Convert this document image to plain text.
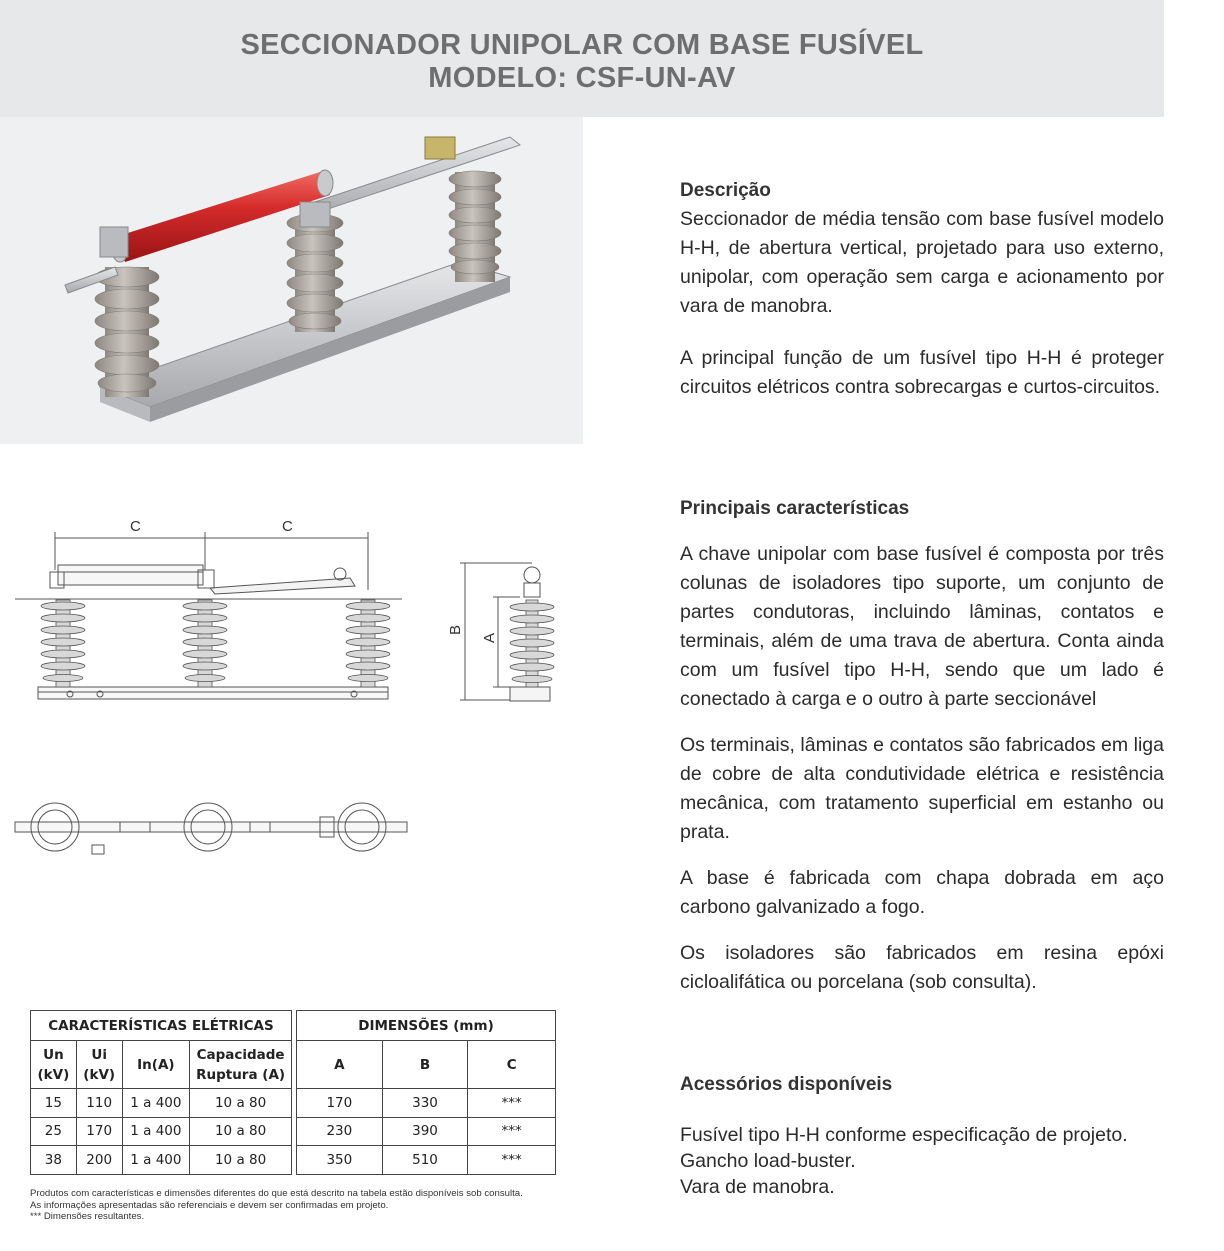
SECCIONADOR UNIPOLAR COM BASE FUSÍVEL
MODELO: CSF-UN-AV
Descrição

Seccionador de média tensão com base fusível modelo H-H, de abertura vertical, projetado para uso externo, unipolar, com operação sem carga e acionamento por vara de manobra.

A principal função de um fusível tipo H-H é proteger circuitos elétricos contra sobrecargas e curtos-circuitos.

Principais características

A chave unipolar com base fusível é composta por três colunas de isoladores tipo suporte, um conjunto de partes condutoras, incluindo lâminas, contatos e terminais, além de uma trava de abertura. Conta ainda com um fusível tipo H-H, sendo que um lado é conectado à carga e o outro à parte seccionável

Os terminais, lâminas e contatos são fabricados em liga de cobre de alta condutividade elétrica e resistência mecânica, com tratamento superficial em estanho ou prata.

A base é fabricada com chapa dobrada em aço carbono galvanizado a fogo.

Os isoladores são fabricados em resina epóxi cicloalifática ou porcelana (sob consulta).

Acessórios disponíveis
Fusível tipo H-H conforme especificação de projeto.
Gancho load-buster.
Vara de manobra.
C	C
B
A
CARACTERÍSTICAS ELÉTRICAS			
Un
(kV)	Ui
(kV)	In(A)	Capacidade
Ruptura (A)
15	110	1 a 400	10 a 80
25	170	1 a 400	10 a 80
38	200	1 a 400	10 a 80
DIMENSÕES (mm)		
A	B	C
170	330	***
230	390	***
350	510	***
Produtos com características e dimensões diferentes do que está descrito na tabela estão disponíveis sob consulta.
As informações apresentadas são referenciais e devem ser confirmadas em projeto.
*** Dimensões resultantes.
